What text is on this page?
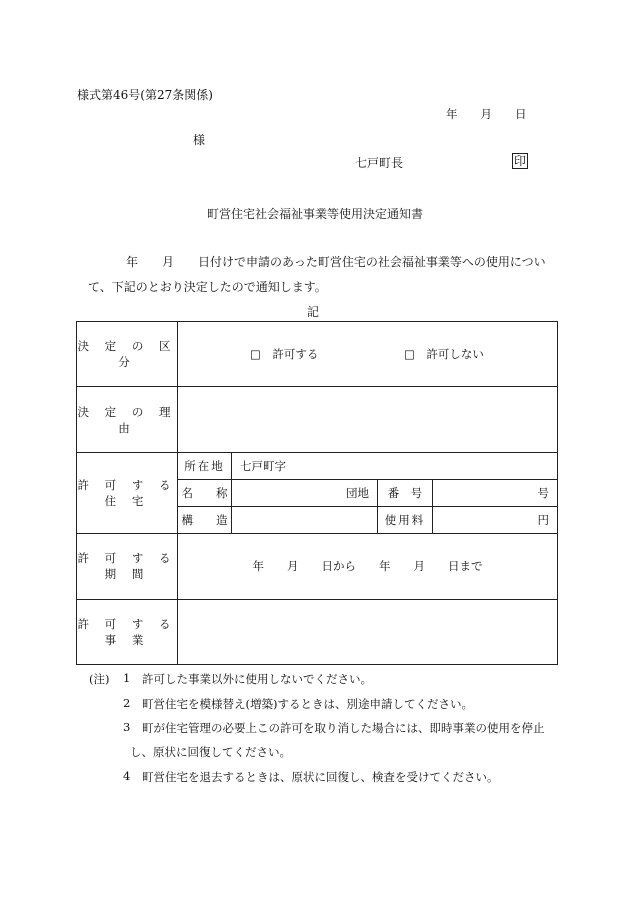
様式第46号(第27条関係)
年　　月　　日
様
七戸町長	印
町営住宅社会福祉事業等使用決定通知書
年　　月　　日付けで申請のあった町営住宅の社会福祉事業等への使用につい
て、下記のとおり決定したので通知します。
記
決 定 の 区 分	□　許可する □　許可しない			
決 定 の 理 由				
許 可 す る 住 宅	所在地	七戸町字		
	名　　称	団地	番　号	号
	構　　造		使用料	円
許 可 す る 期 間	年　　月　　日から　　年　　月　　日まで			
許 可 す る 事 業				
(注) 1 許可した事業以外に使用しないでください。
2 町営住宅を模様替え(増築)するときは、別途申請してください。
3 町が住宅管理の必要上この許可を取り消した場合には、即時事業の使用を停止
し、原状に回復してください。
4 町営住宅を退去するときは、原状に回復し、検査を受けてください。
